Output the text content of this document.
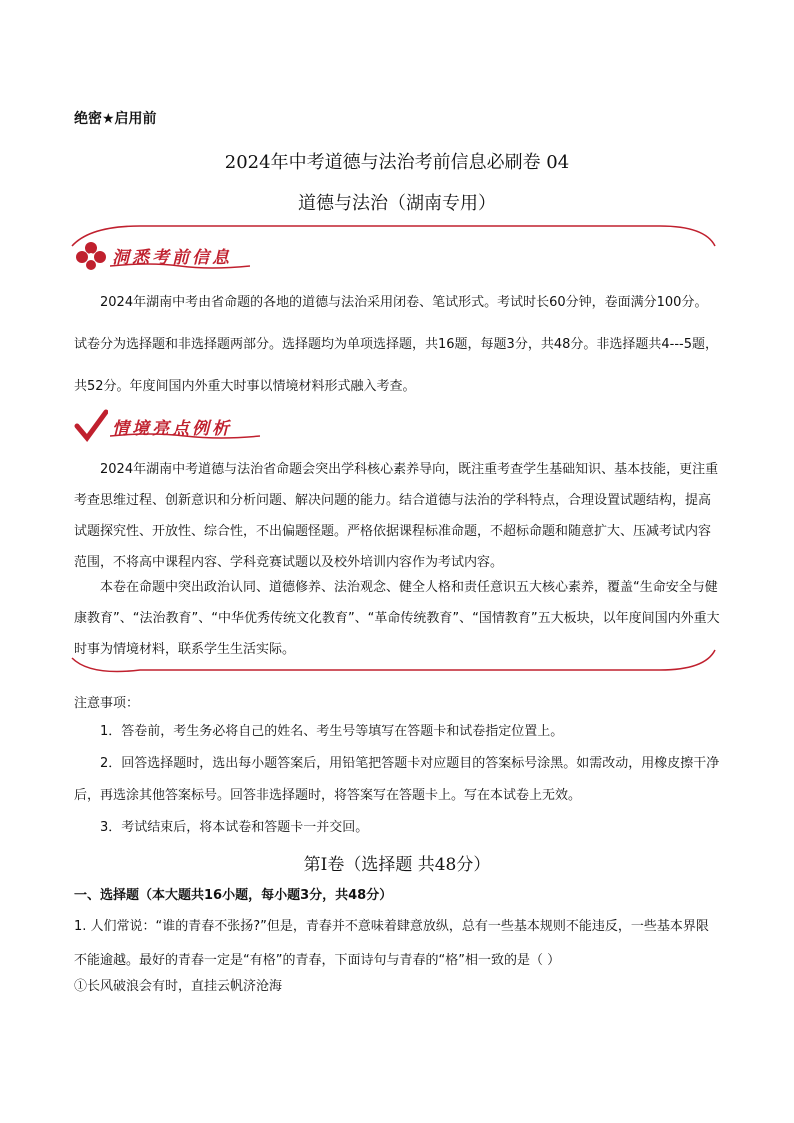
绝密★启用前
2024年中考道德与法治考前信息必刷卷 04
道德与法治（湖南专用）
洞悉考前信息
2024年湖南中考由省命题的各地的道德与法治采用闭卷、笔试形式。考试时长60分钟，卷面满分100分。试卷分为选择题和非选择题两部分。选择题均为单项选择题，共16题，每题3分，共48分。非选择题共4---5题，共52分。年度间国内外重大时事以情境材料形式融入考查。
情境亮点例析
2024年湖南中考道德与法治省命题会突出学科核心素养导向，既注重考查学生基础知识、基本技能，更注重考查思维过程、创新意识和分析问题、解决问题的能力。结合道德与法治的学科特点，合理设置试题结构，提高试题探究性、开放性、综合性，不出偏题怪题。严格依据课程标准命题，不超标命题和随意扩大、压减考试内容范围，不将高中课程内容、学科竞赛试题以及校外培训内容作为考试内容。
本卷在命题中突出政治认同、道德修养、法治观念、健全人格和责任意识五大核心素养，覆盖“生命安全与健康教育”、“法治教育”、“中华优秀传统文化教育”、“革命传统教育”、“国情教育”五大板块，以年度间国内外重大时事为情境材料，联系学生生活实际。
注意事项：
1．答卷前，考生务必将自己的姓名、考生号等填写在答题卡和试卷指定位置上。
2．回答选择题时，选出每小题答案后，用铅笔把答题卡对应题目的答案标号涂黑。如需改动，用橡皮擦干净后，再选涂其他答案标号。回答非选择题时，将答案写在答题卡上。写在本试卷上无效。
3．考试结束后，将本试卷和答题卡一并交回。
第Ⅰ卷（选择题 共48分）
一、选择题（本大题共16小题，每小题3分，共48分）
1. 人们常说：“谁的青春不张扬?”但是，青春并不意味着肆意放纵，总有一些基本规则不能违反，一些基本界限不能逾越。最好的青春一定是“有格”的青春，下面诗句与青春的“格”相一致的是（ ）
①长风破浪会有时，直挂云帆济沧海
